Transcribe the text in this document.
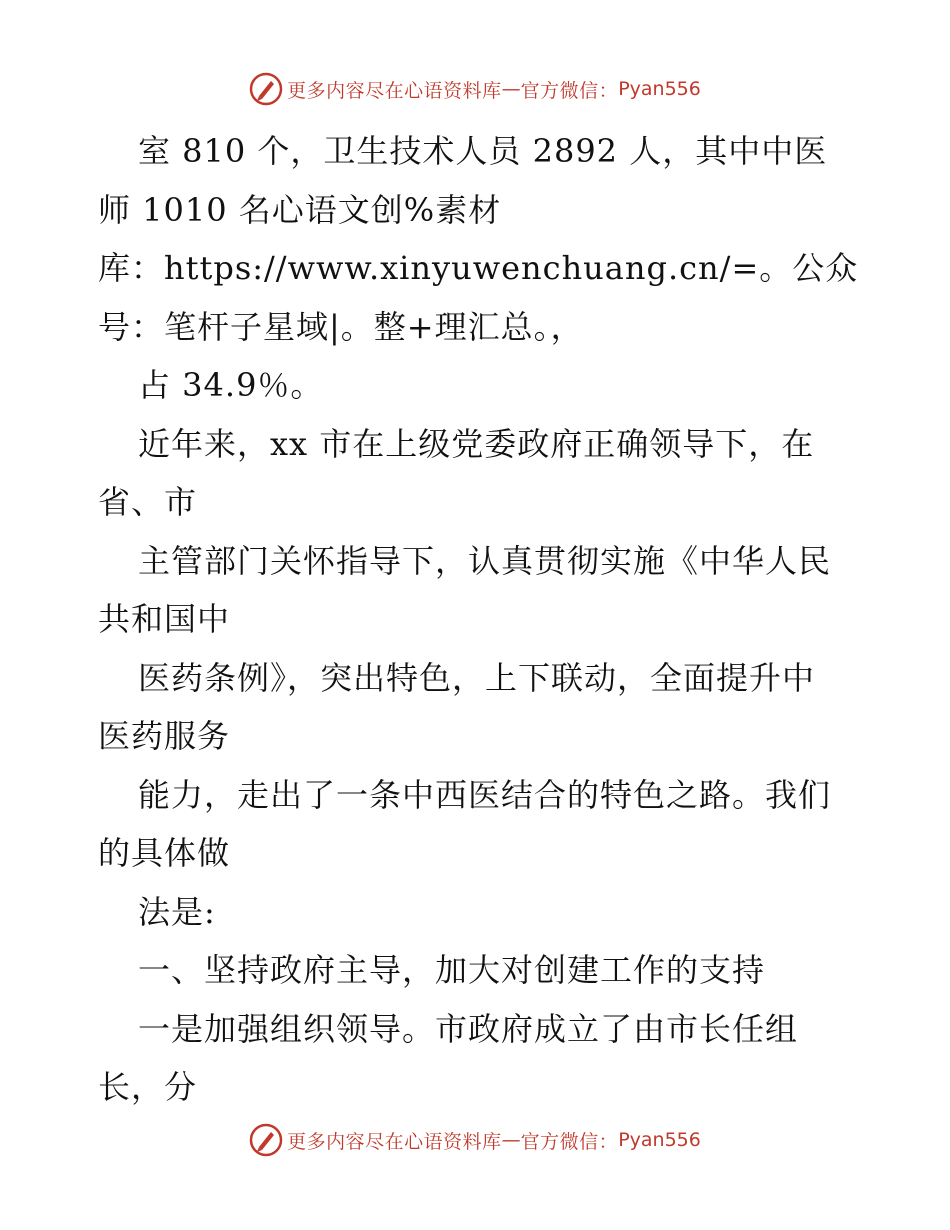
更多内容尽在心语资料库 — 官方微信： Pyan556
室 810 个，卫生技术人员 2892 人，其中中医
师 1010 名心语文创%素材
库：https://www.xinyuwenchuang.cn/=。公众
号：笔杆子星域|。整+理汇总。，
占 34.9％。
近年来，xx 市在上级党委政府正确领导下，在
省、市
主管部门关怀指导下，认真贯彻实施《中华人民
共和国中
医药条例》，突出特色，上下联动，全面提升中
医药服务
能力，走出了一条中西医结合的特色之路。我们
的具体做
法是:
一、坚持政府主导，加大对创建工作的支持
一是加强组织领导。市政府成立了由市长任组
长，分
更多内容尽在心语资料库 — 官方微信： Pyan556
